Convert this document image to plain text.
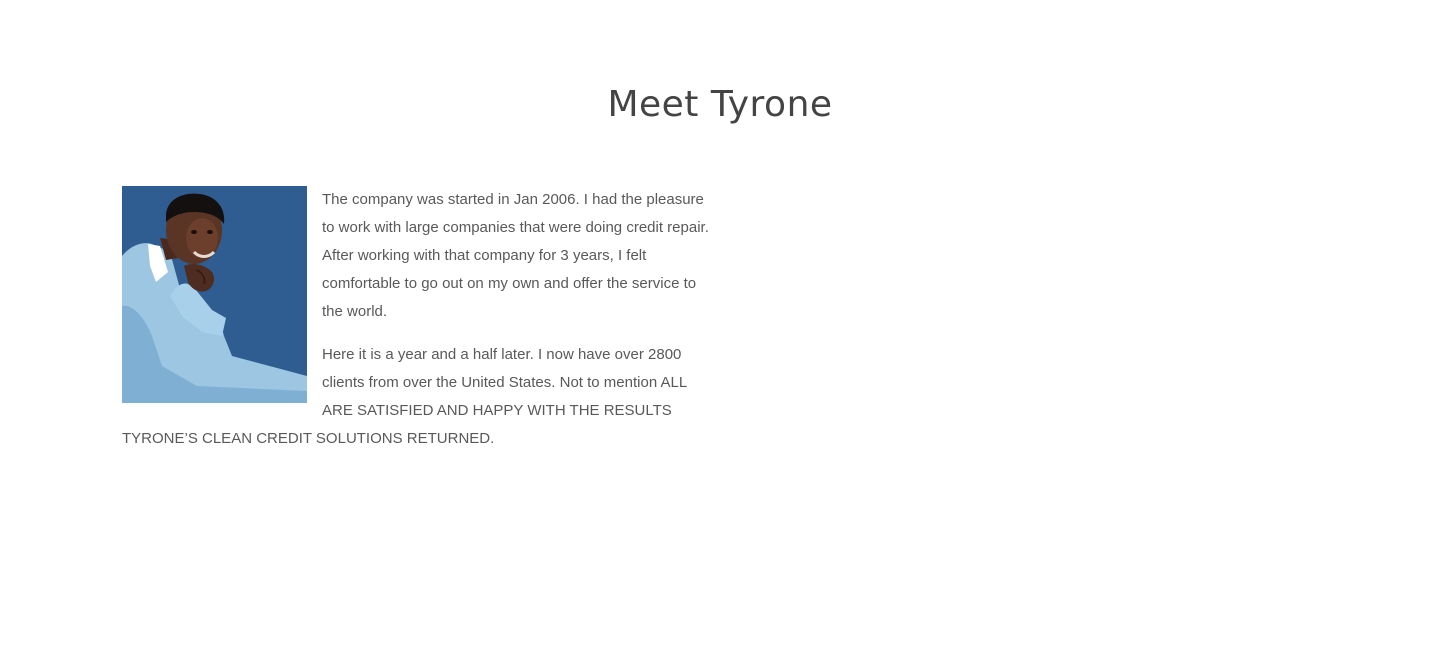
Meet Tyrone

The company was started in Jan 2006. I had the pleasure to work with large companies that were doing credit repair. After working with that company for 3 years, I felt comfortable to go out on my own and offer the service to the world.

Here it is a year and a half later. I now have over 2800 clients from over the United States. Not to mention ALL ARE SATISFIED AND HAPPY WITH THE RESULTS TYRONE’S CLEAN CREDIT SOLUTIONS RETURNED.
